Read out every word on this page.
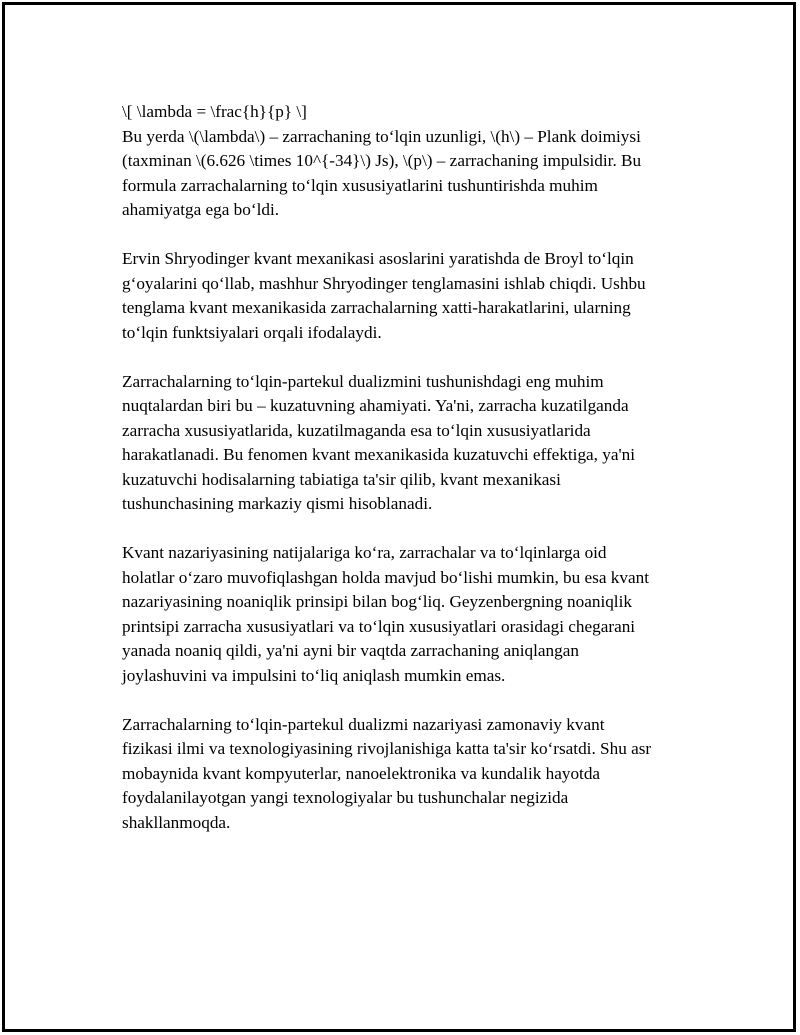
\[ \lambda = \frac{h}{p} \]
Bu yerda \(\lambda\) – zarrachaning to‘lqin uzunligi, \(h\) – Plank doimiysi
(taxminan \(6.626 \times 10^{-34}\) Js), \(p\) – zarrachaning impulsidir. Bu
formula zarrachalarning to‘lqin xususiyatlarini tushuntirishda muhim
ahamiyatga ega bo‘ldi.

Ervin Shryodinger kvant mexanikasi asoslarini yaratishda de Broyl to‘lqin
g‘oyalarini qo‘llab, mashhur Shryodinger tenglamasini ishlab chiqdi. Ushbu
tenglama kvant mexanikasida zarrachalarning xatti-harakatlarini, ularning
to‘lqin funktsiyalari orqali ifodalaydi.

Zarrachalarning to‘lqin-partekul dualizmini tushunishdagi eng muhim
nuqtalardan biri bu – kuzatuvning ahamiyati. Ya'ni, zarracha kuzatilganda
zarracha xususiyatlarida, kuzatilmaganda esa to‘lqin xususiyatlarida
harakatlanadi. Bu fenomen kvant mexanikasida kuzatuvchi effektiga, ya'ni
kuzatuvchi hodisalarning tabiatiga ta'sir qilib, kvant mexanikasi
tushunchasining markaziy qismi hisoblanadi.

Kvant nazariyasining natijalariga ko‘ra, zarrachalar va to‘lqinlarga oid
holatlar o‘zaro muvofiqlashgan holda mavjud bo‘lishi mumkin, bu esa kvant
nazariyasining noaniqlik prinsipi bilan bog‘liq. Geyzenbergning noaniqlik
printsipi zarracha xususiyatlari va to‘lqin xususiyatlari orasidagi chegarani
yanada noaniq qildi, ya'ni ayni bir vaqtda zarrachaning aniqlangan
joylashuvini va impulsini to‘liq aniqlash mumkin emas.

Zarrachalarning to‘lqin-partekul dualizmi nazariyasi zamonaviy kvant
fizikasi ilmi va texnologiyasining rivojlanishiga katta ta'sir ko‘rsatdi. Shu asr
mobaynida kvant kompyuterlar, nanoelektronika va kundalik hayotda
foydalanilayotgan yangi texnologiyalar bu tushunchalar negizida
shakllanmoqda.
